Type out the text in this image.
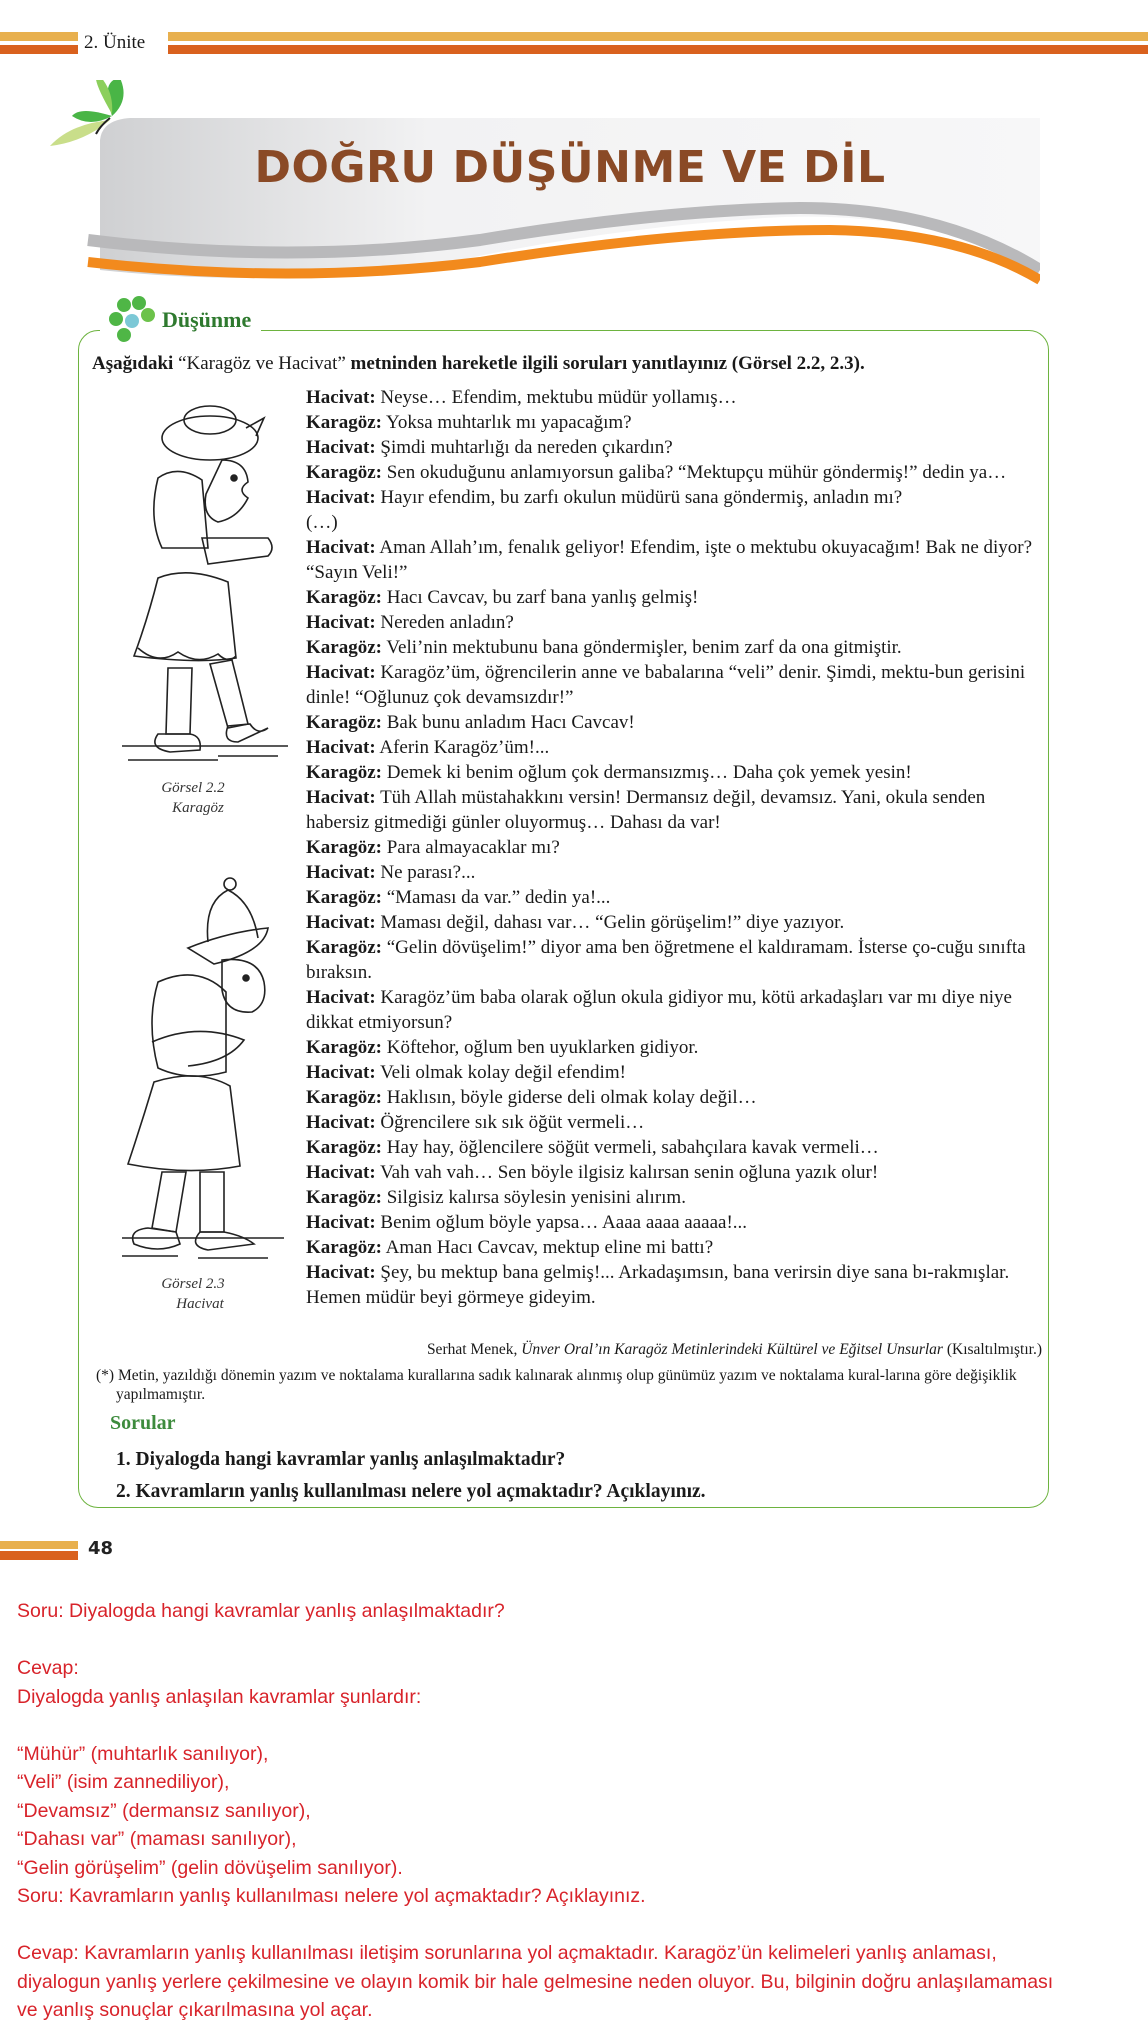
2. Ünite
DOĞRU DÜŞÜNME VE DİL
Düşünme
Aşağıdaki “Karagöz ve Hacivat” metninden hareketle ilgili soruları yanıtlayınız (Görsel 2.2, 2.3).
Görsel 2.2
Karagöz
Görsel 2.3
Hacivat
Hacivat: Neyse… Efendim, mektubu müdür yollamış…
Karagöz: Yoksa muhtarlık mı yapacağım?
Hacivat: Şimdi muhtarlığı da nereden çıkardın?
Karagöz: Sen okuduğunu anlamıyorsun galiba? “Mektupçu mühür göndermiş!” dedin ya…
Hacivat: Hayır efendim, bu zarfı okulun müdürü sana göndermiş, anladın mı?
(…)
Hacivat: Aman Allah’ım, fenalık geliyor! Efendim, işte o mektubu okuyacağım! Bak ne diyor? “Sayın Veli!”
Karagöz: Hacı Cavcav, bu zarf bana yanlış gelmiş!
Hacivat: Nereden anladın?
Karagöz: Veli’nin mektubunu bana göndermişler, benim zarf da ona gitmiştir.
Hacivat: Karagöz’üm, öğrencilerin anne ve babalarına “veli” denir. Şimdi, mektu-bun gerisini dinle! “Oğlunuz çok devamsızdır!”
Karagöz: Bak bunu anladım Hacı Cavcav!
Hacivat: Aferin Karagöz’üm!...
Karagöz: Demek ki benim oğlum çok dermansızmış… Daha çok yemek yesin!
Hacivat: Tüh Allah müstahakkını versin! Dermansız değil, devamsız. Yani, okula senden habersiz gitmediği günler oluyormuş… Dahası da var!
Karagöz: Para almayacaklar mı?
Hacivat: Ne parası?...
Karagöz: “Maması da var.” dedin ya!...
Hacivat: Maması değil, dahası var… “Gelin görüşelim!” diye yazıyor.
Karagöz: “Gelin dövüşelim!” diyor ama ben öğretmene el kaldıramam. İsterse ço-cuğu sınıfta bıraksın.
Hacivat: Karagöz’üm baba olarak oğlun okula gidiyor mu, kötü arkadaşları var mı diye niye dikkat etmiyorsun?
Karagöz: Köftehor, oğlum ben uyuklarken gidiyor.
Hacivat: Veli olmak kolay değil efendim!
Karagöz: Haklısın, böyle giderse deli olmak kolay değil…
Hacivat: Öğrencilere sık sık öğüt vermeli…
Karagöz: Hay hay, öğlencilere söğüt vermeli, sabahçılara kavak vermeli…
Hacivat: Vah vah vah… Sen böyle ilgisiz kalırsan senin oğluna yazık olur!
Karagöz: Silgisiz kalırsa söylesin yenisini alırım.
Hacivat: Benim oğlum böyle yapsa… Aaaa aaaa aaaaa!...
Karagöz: Aman Hacı Cavcav, mektup eline mi battı?
Hacivat: Şey, bu mektup bana gelmiş!... Arkadaşımsın, bana verirsin diye sana bı-rakmışlar. Hemen müdür beyi görmeye gideyim.
Serhat Menek, Ünver Oral’ın Karagöz Metinlerindeki Kültürel ve Eğitsel Unsurlar (Kısaltılmıştır.)
(*) Metin, yazıldığı dönemin yazım ve noktalama kurallarına sadık kalınarak alınmış olup günümüz yazım ve noktalama kural-larına göre değişiklik yapılmamıştır.
Sorular
1. Diyalogda hangi kavramlar yanlış anlaşılmaktadır?
2. Kavramların yanlış kullanılması nelere yol açmaktadır? Açıklayınız.
48
Soru: Diyalogda hangi kavramlar yanlış anlaşılmaktadır?
Cevap:
Diyalogda yanlış anlaşılan kavramlar şunlardır:
“Mühür” (muhtarlık sanılıyor),
“Veli” (isim zannediliyor),
“Devamsız” (dermansız sanılıyor),
“Dahası var” (maması sanılıyor),
“Gelin görüşelim” (gelin dövüşelim sanılıyor).
Soru: Kavramların yanlış kullanılması nelere yol açmaktadır? Açıklayınız.
Cevap: Kavramların yanlış kullanılması iletişim sorunlarına yol açmaktadır. Karagöz’ün kelimeleri yanlış anlaması,
diyalogun yanlış yerlere çekilmesine ve olayın komik bir hale gelmesine neden oluyor. Bu, bilginin doğru anlaşılamaması
ve yanlış sonuçlar çıkarılmasına yol açar.
